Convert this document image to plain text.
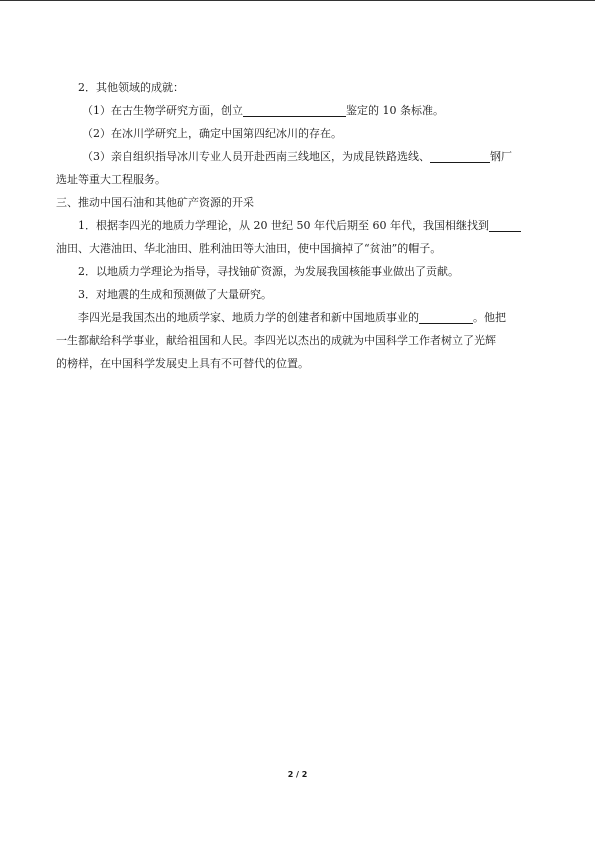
2．其他领域的成就：
（1）在古生物学研究方面，创立	鉴定的 10 条标准。
（2）在冰川学研究上，确定中国第四纪冰川的存在。
（3）亲自组织指导冰川专业人员开赴西南三线地区，为成昆铁路选线、	钢厂
选址等重大工程服务。
三、推动中国石油和其他矿产资源的开采
1．根据李四光的地质力学理论，从 20 世纪 50 年代后期至 60 年代，我国相继找到
油田、大港油田、华北油田、胜利油田等大油田，使中国摘掉了“贫油”的帽子。
2．以地质力学理论为指导，寻找铀矿资源，为发展我国核能事业做出了贡献。
3．对地震的生成和预测做了大量研究。
李四光是我国杰出的地质学家、地质力学的创建者和新中国地质事业的	。他把
一生都献给科学事业，献给祖国和人民。李四光以杰出的成就为中国科学工作者树立了光辉
的榜样，在中国科学发展史上具有不可替代的位置。
2 / 2
